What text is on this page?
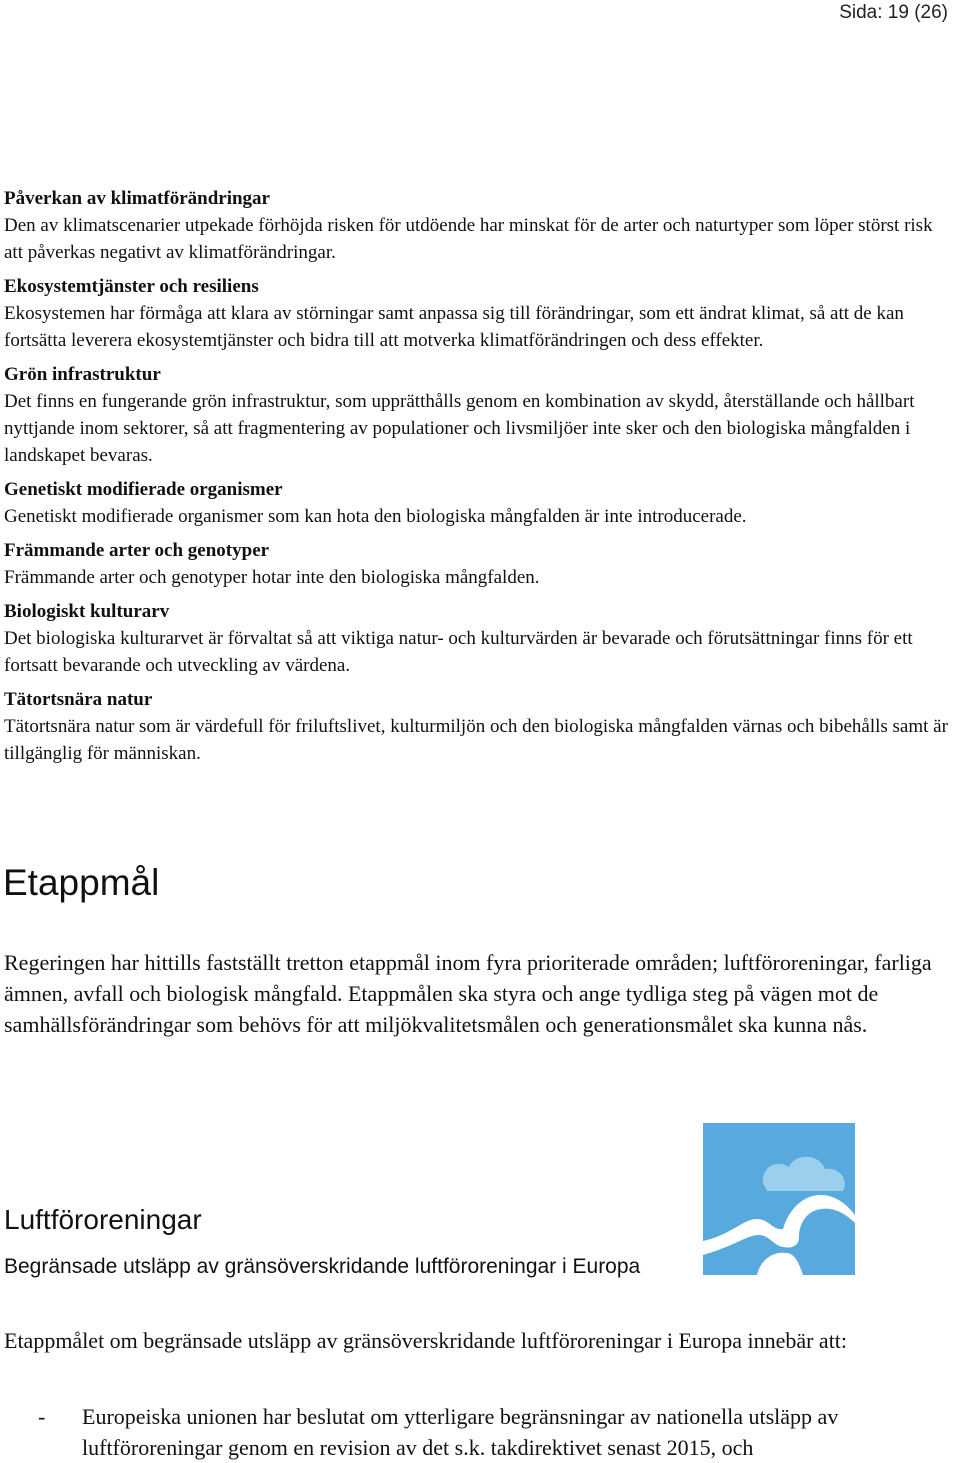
Sida: 19 (26)
Påverkan av klimatförändringar
Den av klimatscenarier utpekade förhöjda risken för utdöende har minskat för de arter och naturtyper som löper störst risk att påverkas negativt av klimatförändringar.
Ekosystemtjänster och resiliens
Ekosystemen har förmåga att klara av störningar samt anpassa sig till förändringar, som ett ändrat klimat, så att de kan fortsätta leverera ekosystemtjänster och bidra till att motverka klimatförändringen och dess effekter.
Grön infrastruktur
Det finns en fungerande grön infrastruktur, som upprätthålls genom en kombination av skydd, återställande och hållbart nyttjande inom sektorer, så att fragmentering av populationer och livsmiljöer inte sker och den biologiska mångfalden i landskapet bevaras.
Genetiskt modifierade organismer
Genetiskt modifierade organismer som kan hota den biologiska mångfalden är inte introducerade.
Främmande arter och genotyper
Främmande arter och genotyper hotar inte den biologiska mångfalden.
Biologiskt kulturarv
Det biologiska kulturarvet är förvaltat så att viktiga natur- och kulturvärden är bevarade och förutsättningar finns för ett fortsatt bevarande och utveckling av värdena.
Tätortsnära natur
Tätortsnära natur som är värdefull för friluftslivet, kulturmiljön och den biologiska mångfalden värnas och bibehålls samt är tillgänglig för människan.
Etappmål

Regeringen har hittills fastställt tretton etappmål inom fyra prioriterade områden; luftföroreningar, farliga ämnen, avfall och biologisk mångfald. Etappmålen ska styra och ange tydliga steg på vägen mot de samhällsförändringar som behövs för att miljökvalitetsmålen och generationsmålet ska kunna nås.

Luftföroreningar

Begränsade utsläpp av gränsöverskridande luftföroreningar i Europa

Etappmålet om begränsade utsläpp av gränsöverskridande luftföroreningar i Europa innebär att:

- Europeiska unionen har beslutat om ytterligare begränsningar av nationella utsläpp av luftföroreningar genom en revision av det s.k. takdirektivet senast 2015, och
